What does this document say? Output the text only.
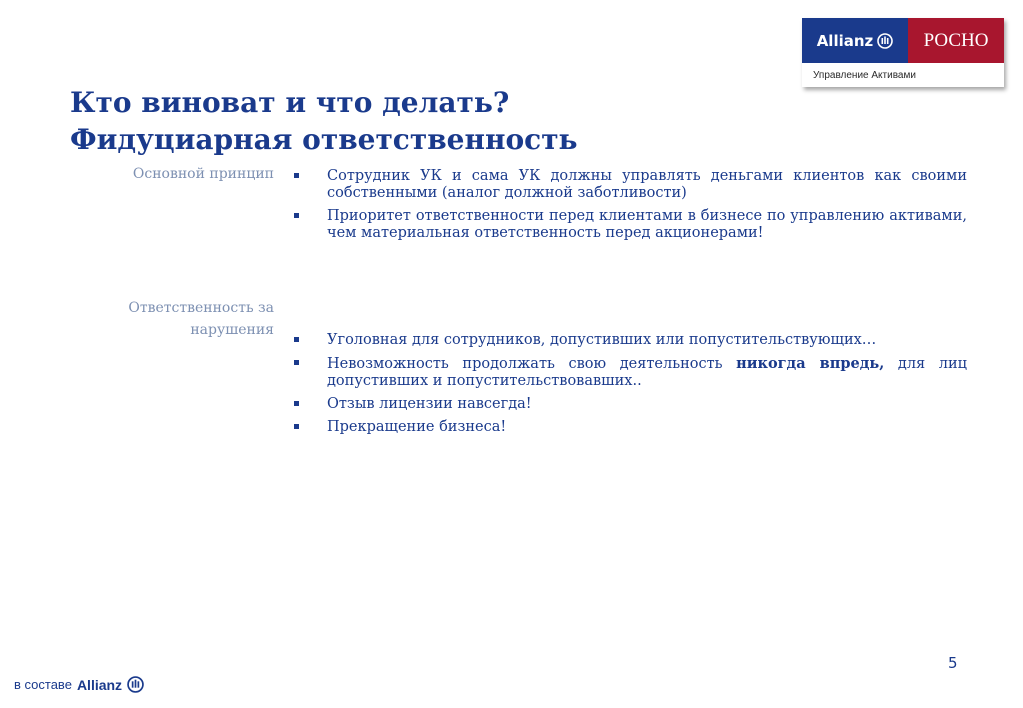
Allianz	РОСНО
Управление Активами
Кто виноват и что делать?
Фидуциарная ответственность
Основной принцип	Сотрудник УК и сама УК должны управлять деньгами клиентов как своими собственными (аналог должной заботливости)
Приоритет ответственности перед клиентами в бизнесе по управлению активами, чем материальная ответственность перед акционерами!
Ответственность за нарушения
Уголовная для сотрудников, допустивших или попустительствующих…
Невозможность продолжать свою деятельность никогда впредь, для лиц допустивших и попустительствовавших..
Отзыв лицензии навсегда!
Прекращение бизнеса!
5
в составе Allianz
